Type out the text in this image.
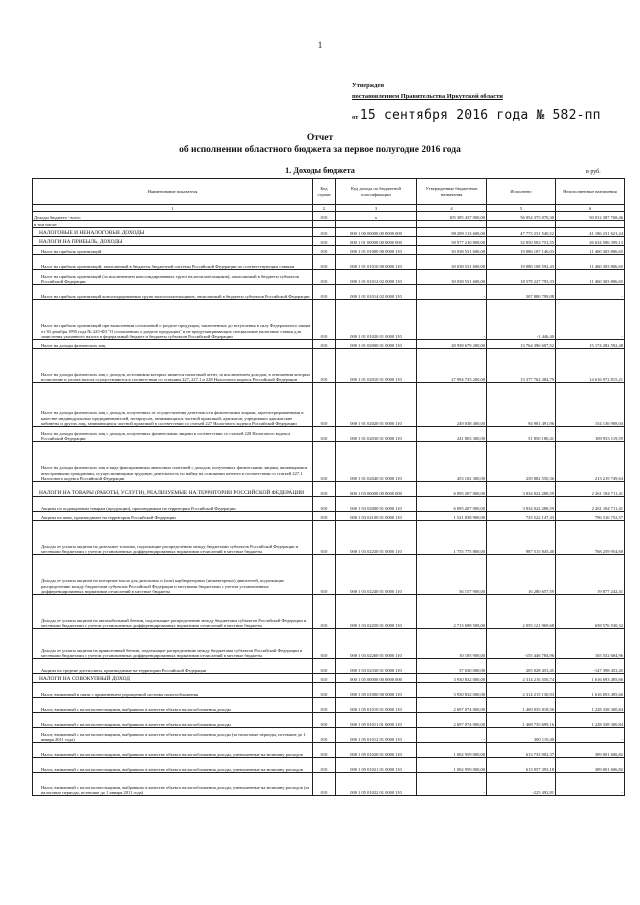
1
Утвержден
постановлением Правительства Иркутской области
от 15 сентября 2016 года № 582-пп
Отчет
об исполнении областного бюджета за первое полугодие 2016 года
1. Доходы бюджета	в руб.
Наименование показателя	Код строки	Код дохода по бюджетной классификации	Утвержденные бюджетные назначения	Исполнено	Неисполненные назначения
1	2	3	4	5	6
Доходы бюджета - всего	010	х	105 385 437 000,00	56 054 375 070,30	50 012 387 768,46
в том числе:					
НАЛОГОВЫЕ И НЕНАЛОГОВЫЕ ДОХОДЫ	010	000 1 00 00000 00 0000 000	88 289 113 600,00	47 773 231 540,52	41 186 231 621,24
НАЛОГИ НА ПРИБЫЛЬ, ДОХОДЫ	010	000 1 01 00000 00 0000 000	58 977 210 800,00	32 850 503 753,55	26 634 586 399,13
Налог на прибыль организаций	010	000 1 01 01000 00 0000 110	30 038 531 600,00	19 086 107 146,03	11 460 303 806,65
Налог на прибыль организаций, зачисляемый в бюджеты бюджетной системы Российской Федерации по соответствующим ставкам	010	000 1 01 01010 00 0000 110	30 038 531 600,00	19 086 108 592,43	11 460 303 806,65
Налог на прибыль организаций (за исключением консолидированных групп налогоплательщиков), зачисляемый в бюджеты субъектов Российской Федерации	010	000 1 01 01012 02 0000 110	30 038 531 600,00	18 578 227 793,33	11 460 303 806,65
Налог на прибыль организаций консолидированных групп налогоплательщиков, зачисляемый в бюджеты субъектов Российской Федерации	010	000 1 01 01014 02 0000 110	-	507 880 799,08	-
Налог на прибыль организаций при выполнении соглашений о разделе продукции, заключенных до вступления в силу Федерального закона от 30 декабря 1995 года № 225-ФЗ "О соглашениях о разделе продукции" и не предусматривающих специальные налоговые ставки для зачисления указанного налога в федеральный бюджет и бюджеты субъектов Российской Федерации	010	000 1 01 01020 01 0000 110	-	-1 446,40	-
Налог на доходы физических лиц	010	000 1 01 02000 01 0000 110	28 938 679 200,00	13 764 396 607,52	15 174 282 592,48
Налог на доходы физических лиц с доходов, источником которых является налоговый агент, за исключением доходов, в отношении которых исчисление и уплата налога осуществляются в соответствии со статьями 227, 227.1 и 228 Налогового кодекса Российской Федерации	010	000 1 01 02010 01 0000 110	27 994 735 200,00	13 377 762 384,79	14 616 972 815,21
Налог на доходы физических лиц с доходов, полученных от осуществления деятельности физическими лицами, зарегистрированными в качестве индивидуальных предпринимателей, нотариусов, занимающихся частной практикой, адвокатов, учредивших адвокатские кабинеты и других лиц, занимающихся частной практикой в соответствии со статьей 227 Налогового кодекса Российской Федерации	010	000 1 01 02020 01 0000 110	249 038 400,00	94 901 491,96	154 136 908,04
Налог на доходы физических лиц с доходов, полученных физическими лицами в соответствии со статьей 228 Налогового кодекса Российской Федерации	010	000 1 01 02030 01 0000 110	241 803 300,00	51 850 180,41	189 953 119,59
Налог на доходы физических лиц в виде фиксированных авансовых платежей с доходов, полученных физическими лицами, являющимися иностранными гражданами, осуществляющими трудовую деятельность по найму на основании патента в соответствии со статьей 227.1 Налогового кодекса Российской Федерации	010	000 1 01 02040 01 0000 110	453 102 300,00	239 882 550,36	213 219 749,64
НАЛОГИ НА ТОВАРЫ (РАБОТЫ, УСЛУГИ), РЕАЛИЗУЕМЫЕ НА ТЕРРИТОРИИ РОССИЙСКОЙ ФЕДЕРАЦИИ	010	000 1 03 00000 00 0000 000	6 095 207 000,00	3 834 022 288,59	2 261 184 711,41
Акцизы по подакцизным товарам (продукции), производимым на территории Российской Федерации	010	000 1 03 02000 01 0000 110	6 095 207 000,00	3 834 022 288,59	2 261 184 711,41
Акцизы на пиво, производимое на территории Российской Федерации	010	000 1 03 02100 01 0000 110	1 521 838 900,00	725 522 147,43	796 316 752,57
Доходы от уплаты акцизов на дизельное топливо, подлежащие распределению между бюджетами субъектов Российской Федерации и местными бюджетами с учетом установленных дифференцированных нормативов отчислений в местные бюджеты	010	000 1 03 02230 01 0000 110	1 755 775 800,00	987 515 845,40	768 259 954,60
Доходы от уплаты акцизов на моторные масла для дизельных и (или) карбюраторных (инжекторных) двигателей, подлежащие распределению между бюджетами субъектов Российской Федерации и местными бюджетами с учетом установленных дифференцированных нормативов отчислений в местные бюджеты	010	000 1 03 02240 01 0000 110	36 157 900,00	16 280 657,59	19 877 242,41
Доходы от уплаты акцизов на автомобильный бензин, подлежащие распределению между бюджетами субъектов Российской Федерации и местными бюджетами с учетом установленных дифференцированных нормативов отчислений в местные бюджеты	010	000 1 03 02250 01 0000 110	2 713 698 500,00	2 055 121 969,68	658 576 530,32
Доходы от уплаты акцизов на прямогонный бензин, подлежащие распределению между бюджетами субъектов Российской Федерации и местными бюджетами с учетом установленных дифференцированных нормативов отчислений в местные бюджеты	010	000 1 03 02260 01 0000 110	10 105 900,00	-155 446 784,96	165 552 684,96
Акцизы на средние дистилляты, производимые на территории Российской Федерации	010	000 1 03 02330 01 0000 110	57 630 000,00	205 028 453,45	-147 398 453,45
НАЛОГИ НА СОВОКУПНЫЙ ДОХОД	010	000 1 05 00000 00 0000 000	3 930 832 000,00	2 314 216 550,74	1 616 693 495,66
Налог, взимаемый в связи с применением упрощенной системы налогообложения	010	000 1 05 01000 00 0000 110	3 930 832 000,00	2 314 215 130,93	1 616 693 495,66
Налог, взимаемый с налогоплательщиков, выбравших в качестве объекта налогообложения доходы	010	000 1 05 01010 01 0000 110	2 697 074 000,00	1 469 035 818,56	1 228 338 300,84
Налог, взимаемый с налогоплательщиков, выбравших в качестве объекта налогообложения доходы	010	000 1 05 01011 01 0000 110	2 697 074 000,00	1 468 735 699,16	1 228 338 300,84
Налог, взимаемый с налогоплательщиков, выбравших в качестве объекта налогообложения доходы (за налоговые периоды, истекшие до 1 января 2011 года)	010	000 1 05 01012 01 0000 110	-	300 119,40	-
Налог, взимаемый с налогоплательщиков, выбравших в качестве объекта налогообложения доходы, уменьшенные на величину расходов	010	000 1 05 01020 01 0000 110	1 002 959 000,00	613 733 902,37	389 001 606,82
Налог, взимаемый с налогоплательщиков, выбравших в качестве объекта налогообложения доходы, уменьшенные на величину расходов	010	000 1 05 01021 01 0000 110	1 002 959 000,00	613 957 393,18	389 001 606,82
Налог, взимаемый с налогоплательщиков, выбравших в качестве объекта налогообложения доходы, уменьшенные на величину расходов (за налоговые периоды, истекшие до 1 января 2011 года)	010	000 1 05 01022 01 0000 110	-	-225 492,81	-
